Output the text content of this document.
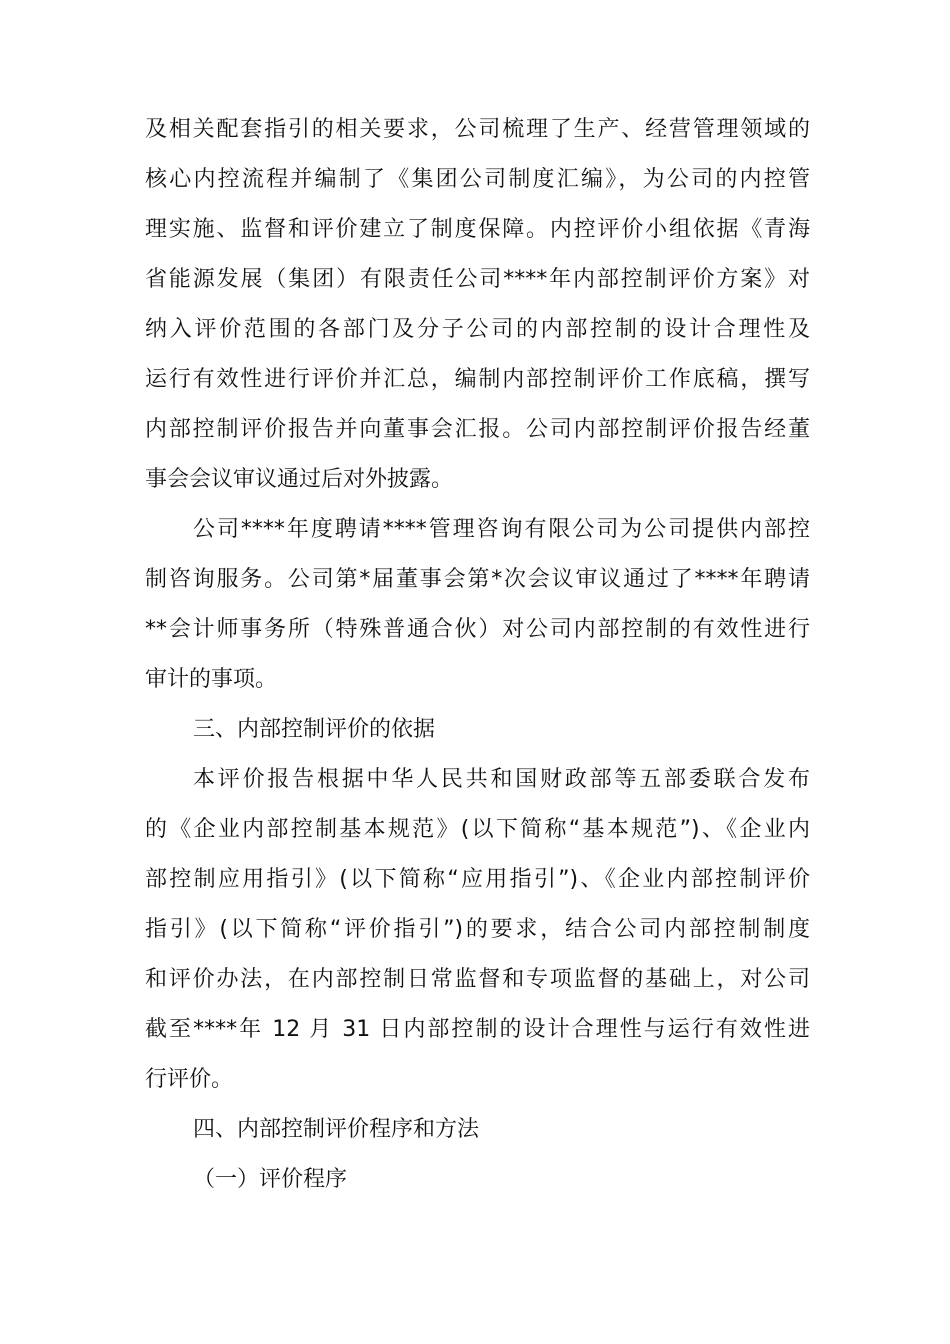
及相关配套指引的相关要求，公司梳理了生产、经营管理领域的

核心内控流程并编制了《集团公司制度汇编》，为公司的内控管

理实施、监督和评价建立了制度保障。内控评价小组依据《青海

省能源发展（集团）有限责任公司****年内部控制评价方案》对

纳入评价范围的各部门及分子公司的内部控制的设计合理性及

运行有效性进行评价并汇总，编制内部控制评价工作底稿，撰写

内部控制评价报告并向董事会汇报。公司内部控制评价报告经董

事会会议审议通过后对外披露。

公司****年度聘请****管理咨询有限公司为公司提供内部控

制咨询服务。公司第*届董事会第*次会议审议通过了****年聘请

**会计师事务所（特殊普通合伙）对公司内部控制的有效性进行

审计的事项。

三、内部控制评价的依据

本评价报告根据中华人民共和国财政部等五部委联合发布

的《企业内部控制基本规范》(以下简称“基本规范”)、《企业内

部控制应用指引》(以下简称“应用指引”)、《企业内部控制评价

指引》(以下简称“评价指引”)的要求，结合公司内部控制制度

和评价办法，在内部控制日常监督和专项监督的基础上，对公司

截至****年 12 月 31 日内部控制的设计合理性与运行有效性进

行评价。

四、内部控制评价程序和方法

（一）评价程序
